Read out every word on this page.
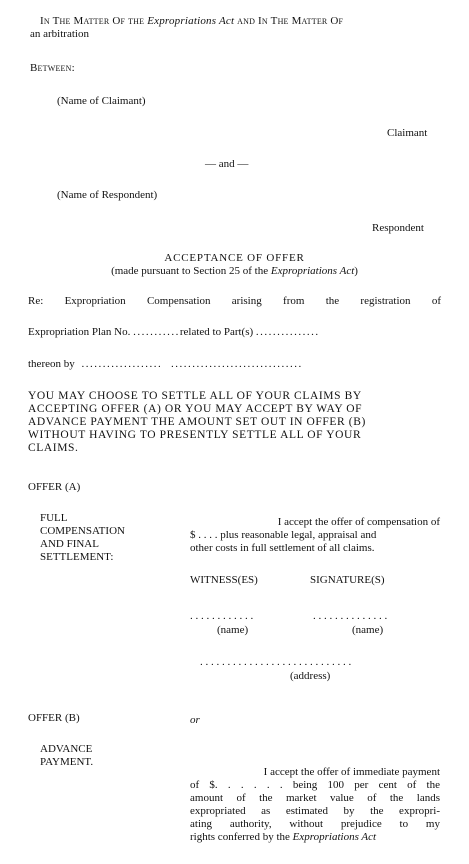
In The Matter Of the Expropriations Act and In The Matter Of
an arbitration
Between:
(Name of Claimant)
Claimant
— and —
(Name of Respondent)
Respondent
ACCEPTANCE OF OFFER
(made pursuant to Section 25 of the Expropriations Act)
Re: Expropriation Compensation arising from the registration of
Expropriation Plan No. ...........related to Part(s) ...............
thereon by ................... ...............................
YOU MAY CHOOSE TO SETTLE ALL OF YOUR CLAIMS BY
ACCEPTING OFFER (A) OR YOU MAY ACCEPT BY WAY OF
ADVANCE PAYMENT THE AMOUNT SET OUT IN OFFER (B)
WITHOUT HAVING TO PRESENTLY SETTLE ALL OF YOUR
CLAIMS.
OFFER (A)
FULL
COMPENSATION
AND FINAL
SETTLEMENT:
I accept the offer of compensation of
$ . . . . plus reasonable legal, appraisal and
other costs in full settlement of all claims.
WITNESS(ES)	SIGNATURE(S)
. . . . . . . . . . . .	. . . . . . . . . . . . . .
(name)	(name)
. . . . . . . . . . . . . . . . . . . . . . . . . . . .
(address)
OFFER (B)	or
ADVANCE
PAYMENT.
I accept the offer of immediate payment
of $. . . . . . being 100 per cent of the
amount of the market value of the lands
expropriated as estimated by the expropri-
ating authority, without prejudice to my
rights conferred by the Expropriations Act
